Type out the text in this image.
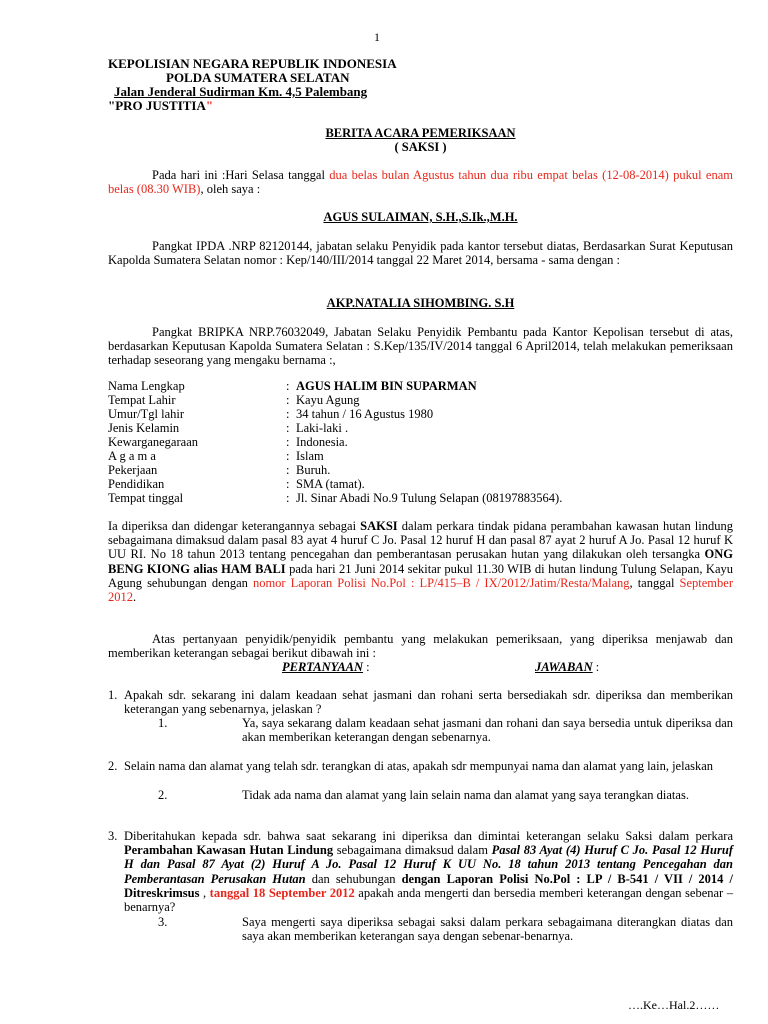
1
KEPOLISIAN NEGARA REPUBLIK INDONESIA
POLDA SUMATERA SELATAN
Jalan Jenderal Sudirman Km. 4,5 Palembang
"PRO JUSTITIA"
BERITA ACARA PEMERIKSAAN
( SAKSI )
Pada hari ini :Hari Selasa tanggal dua belas bulan Agustus tahun dua ribu empat belas (12-08-2014) pukul enam belas (08.30 WIB), oleh saya :
AGUS SULAIMAN, S.H.,S.Ik.,M.H.
Pangkat IPDA .NRP 82120144, jabatan selaku Penyidik pada kantor tersebut diatas, Berdasarkan Surat Keputusan Kapolda Sumatera Selatan nomor : Kep/140/III/2014 tanggal 22 Maret 2014, bersama - sama dengan :
AKP.NATALIA SIHOMBING. S.H
Pangkat BRIPKA NRP.76032049, Jabatan Selaku Penyidik Pembantu pada Kantor Kepolisan tersebut di atas, berdasarkan Keputusan Kapolda Sumatera Selatan : S.Kep/135/IV/2014 tanggal 6 April2014, telah melakukan pemeriksaan terhadap seseorang yang mengaku bernama :,
Nama Lengkap	: AGUS HALIM BIN SUPARMAN
Tempat Lahir	: Kayu Agung
Umur/Tgl lahir	: 34 tahun / 16 Agustus 1980
Jenis Kelamin	: Laki-laki .
Kewarganegaraan	: Indonesia.
A g a m a	: Islam
Pekerjaan	: Buruh.
Pendidikan	: SMA (tamat).
Tempat tinggal	: Jl. Sinar Abadi No.9 Tulung Selapan (08197883564).
Ia diperiksa dan didengar keterangannya sebagai SAKSI dalam perkara tindak pidana perambahan kawasan hutan lindung sebagaimana dimaksud dalam pasal 83 ayat 4 huruf C Jo. Pasal 12 huruf H dan pasal 87 ayat 2 huruf A Jo. Pasal 12 huruf K UU RI. No 18 tahun 2013 tentang pencegahan dan pemberantasan perusakan hutan yang dilakukan oleh tersangka ONG BENG KIONG alias HAM BALI pada hari 21 Juni 2014 sekitar pukul 11.30 WIB di hutan lindung Tulung Selapan, Kayu Agung sehubungan dengan nomor Laporan Polisi No.Pol : LP/415–B / IX/2012/Jatim/Resta/Malang, tanggal September 2012.
Atas pertanyaan penyidik/penyidik pembantu yang melakukan pemeriksaan, yang diperiksa menjawab dan memberikan keterangan sebagai berikut dibawah ini :
PERTANYAAN :	JAWABAN :
1. Apakah sdr. sekarang ini dalam keadaan sehat jasmani dan rohani serta bersediakah sdr. diperiksa dan memberikan keterangan yang sebenarnya, jelaskan ?
1.	Ya, saya sekarang dalam keadaan sehat jasmani dan rohani dan saya bersedia untuk diperiksa dan akan memberikan keterangan dengan sebenarnya.
2. Selain nama dan alamat yang telah sdr. terangkan di atas, apakah sdr mempunyai nama dan alamat yang lain, jelaskan
2.	Tidak ada nama dan alamat yang lain selain nama dan alamat yang saya terangkan diatas.
3. Diberitahukan kepada sdr. bahwa saat sekarang ini diperiksa dan dimintai keterangan selaku Saksi dalam perkara Perambahan Kawasan Hutan Lindung sebagaimana dimaksud dalam Pasal 83 Ayat (4) Huruf C Jo. Pasal 12 Huruf H dan Pasal 87 Ayat (2) Huruf A Jo. Pasal 12 Huruf K UU No. 18 tahun 2013 tentang Pencegahan dan Pemberantasan Perusakan Hutan dan sehubungan dengan Laporan Polisi No.Pol : LP / B-541 / VII / 2014 / Ditreskrimsus , tanggal 18 September 2012 apakah anda mengerti dan bersedia memberi keterangan dengan sebenar – benarnya?
3.	Saya mengerti saya diperiksa sebagai saksi dalam perkara sebagaimana diterangkan diatas dan saya akan memberikan keterangan saya dengan sebenar-benarnya.
….Ke…Hal.2……
